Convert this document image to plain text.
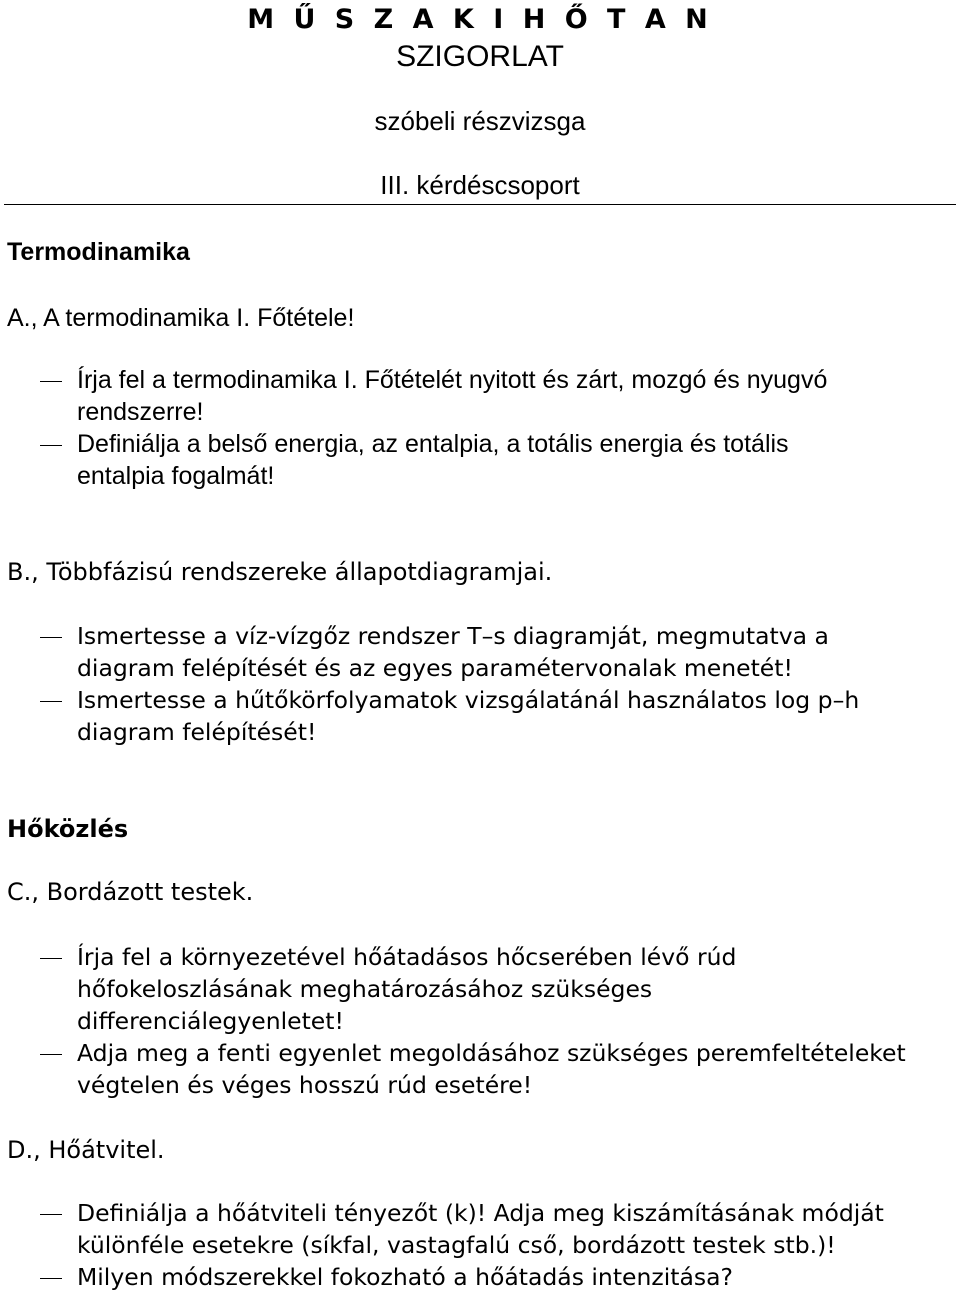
M Ű S Z A K I H Ő T A N
SZIGORLAT
szóbeli részvizsga
III. kérdéscsoport
Termodinamika
A., A termodinamika I. Főtétele!
Írja fel a termodinamika I. Főtételét nyitott és zárt, mozgó és nyugvó
rendszerre!
Definiálja a belső energia, az entalpia, a totális energia és totális
entalpia fogalmát!
B., Többfázisú rendszereke állapotdiagramjai.
Ismertesse a víz-vízgőz rendszer T–s diagramját, megmutatva a
diagram felépítését és az egyes paramétervonalak menetét!
Ismertesse a hűtőkörfolyamatok vizsgálatánál használatos log p–h
diagram felépítését!
Hőközlés
C., Bordázott testek.
Írja fel a környezetével hőátadásos hőcserében lévő rúd
hőfokeloszlásának meghatározásához szükséges
differenciálegyenletet!
Adja meg a fenti egyenlet megoldásához szükséges peremfeltételeket
végtelen és véges hosszú rúd esetére!
D., Hőátvitel.
Definiálja a hőátviteli tényezőt (k)! Adja meg kiszámításának módját
különféle esetekre (síkfal, vastagfalú cső, bordázott testek stb.)!
Milyen módszerekkel fokozható a hőátadás intenzitása?
